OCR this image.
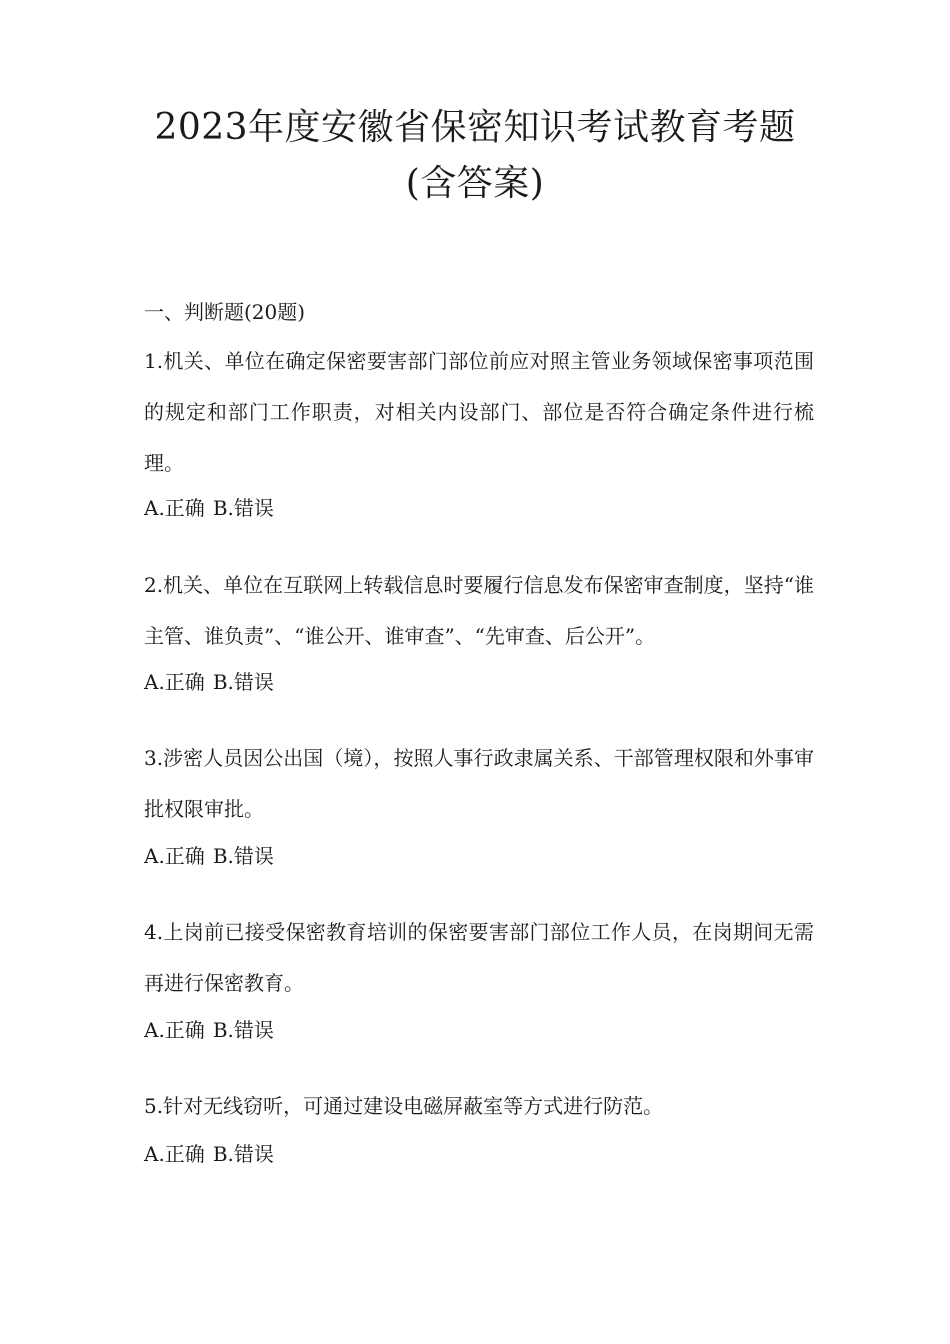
2023年度安徽省保密知识考试教育考题(含答案)
一、判断题(20题)

1.机关、单位在确定保密要害部门部位前应对照主管业务领域保密事项范围的规定和部门工作职责，对相关内设部门、部位是否符合确定条件进行梳理。

A.正确 B.错误

2.机关、单位在互联网上转载信息时要履行信息发布保密审查制度，坚持“谁主管、谁负责”、“谁公开、谁审查”、“先审查、后公开”。

A.正确 B.错误

3.涉密人员因公出国（境），按照人事行政隶属关系、干部管理权限和外事审批权限审批。

A.正确 B.错误

4.上岗前已接受保密教育培训的保密要害部门部位工作人员，在岗期间无需再进行保密教育。

A.正确 B.错误

5.针对无线窃听，可通过建设电磁屏蔽室等方式进行防范。

A.正确 B.错误
